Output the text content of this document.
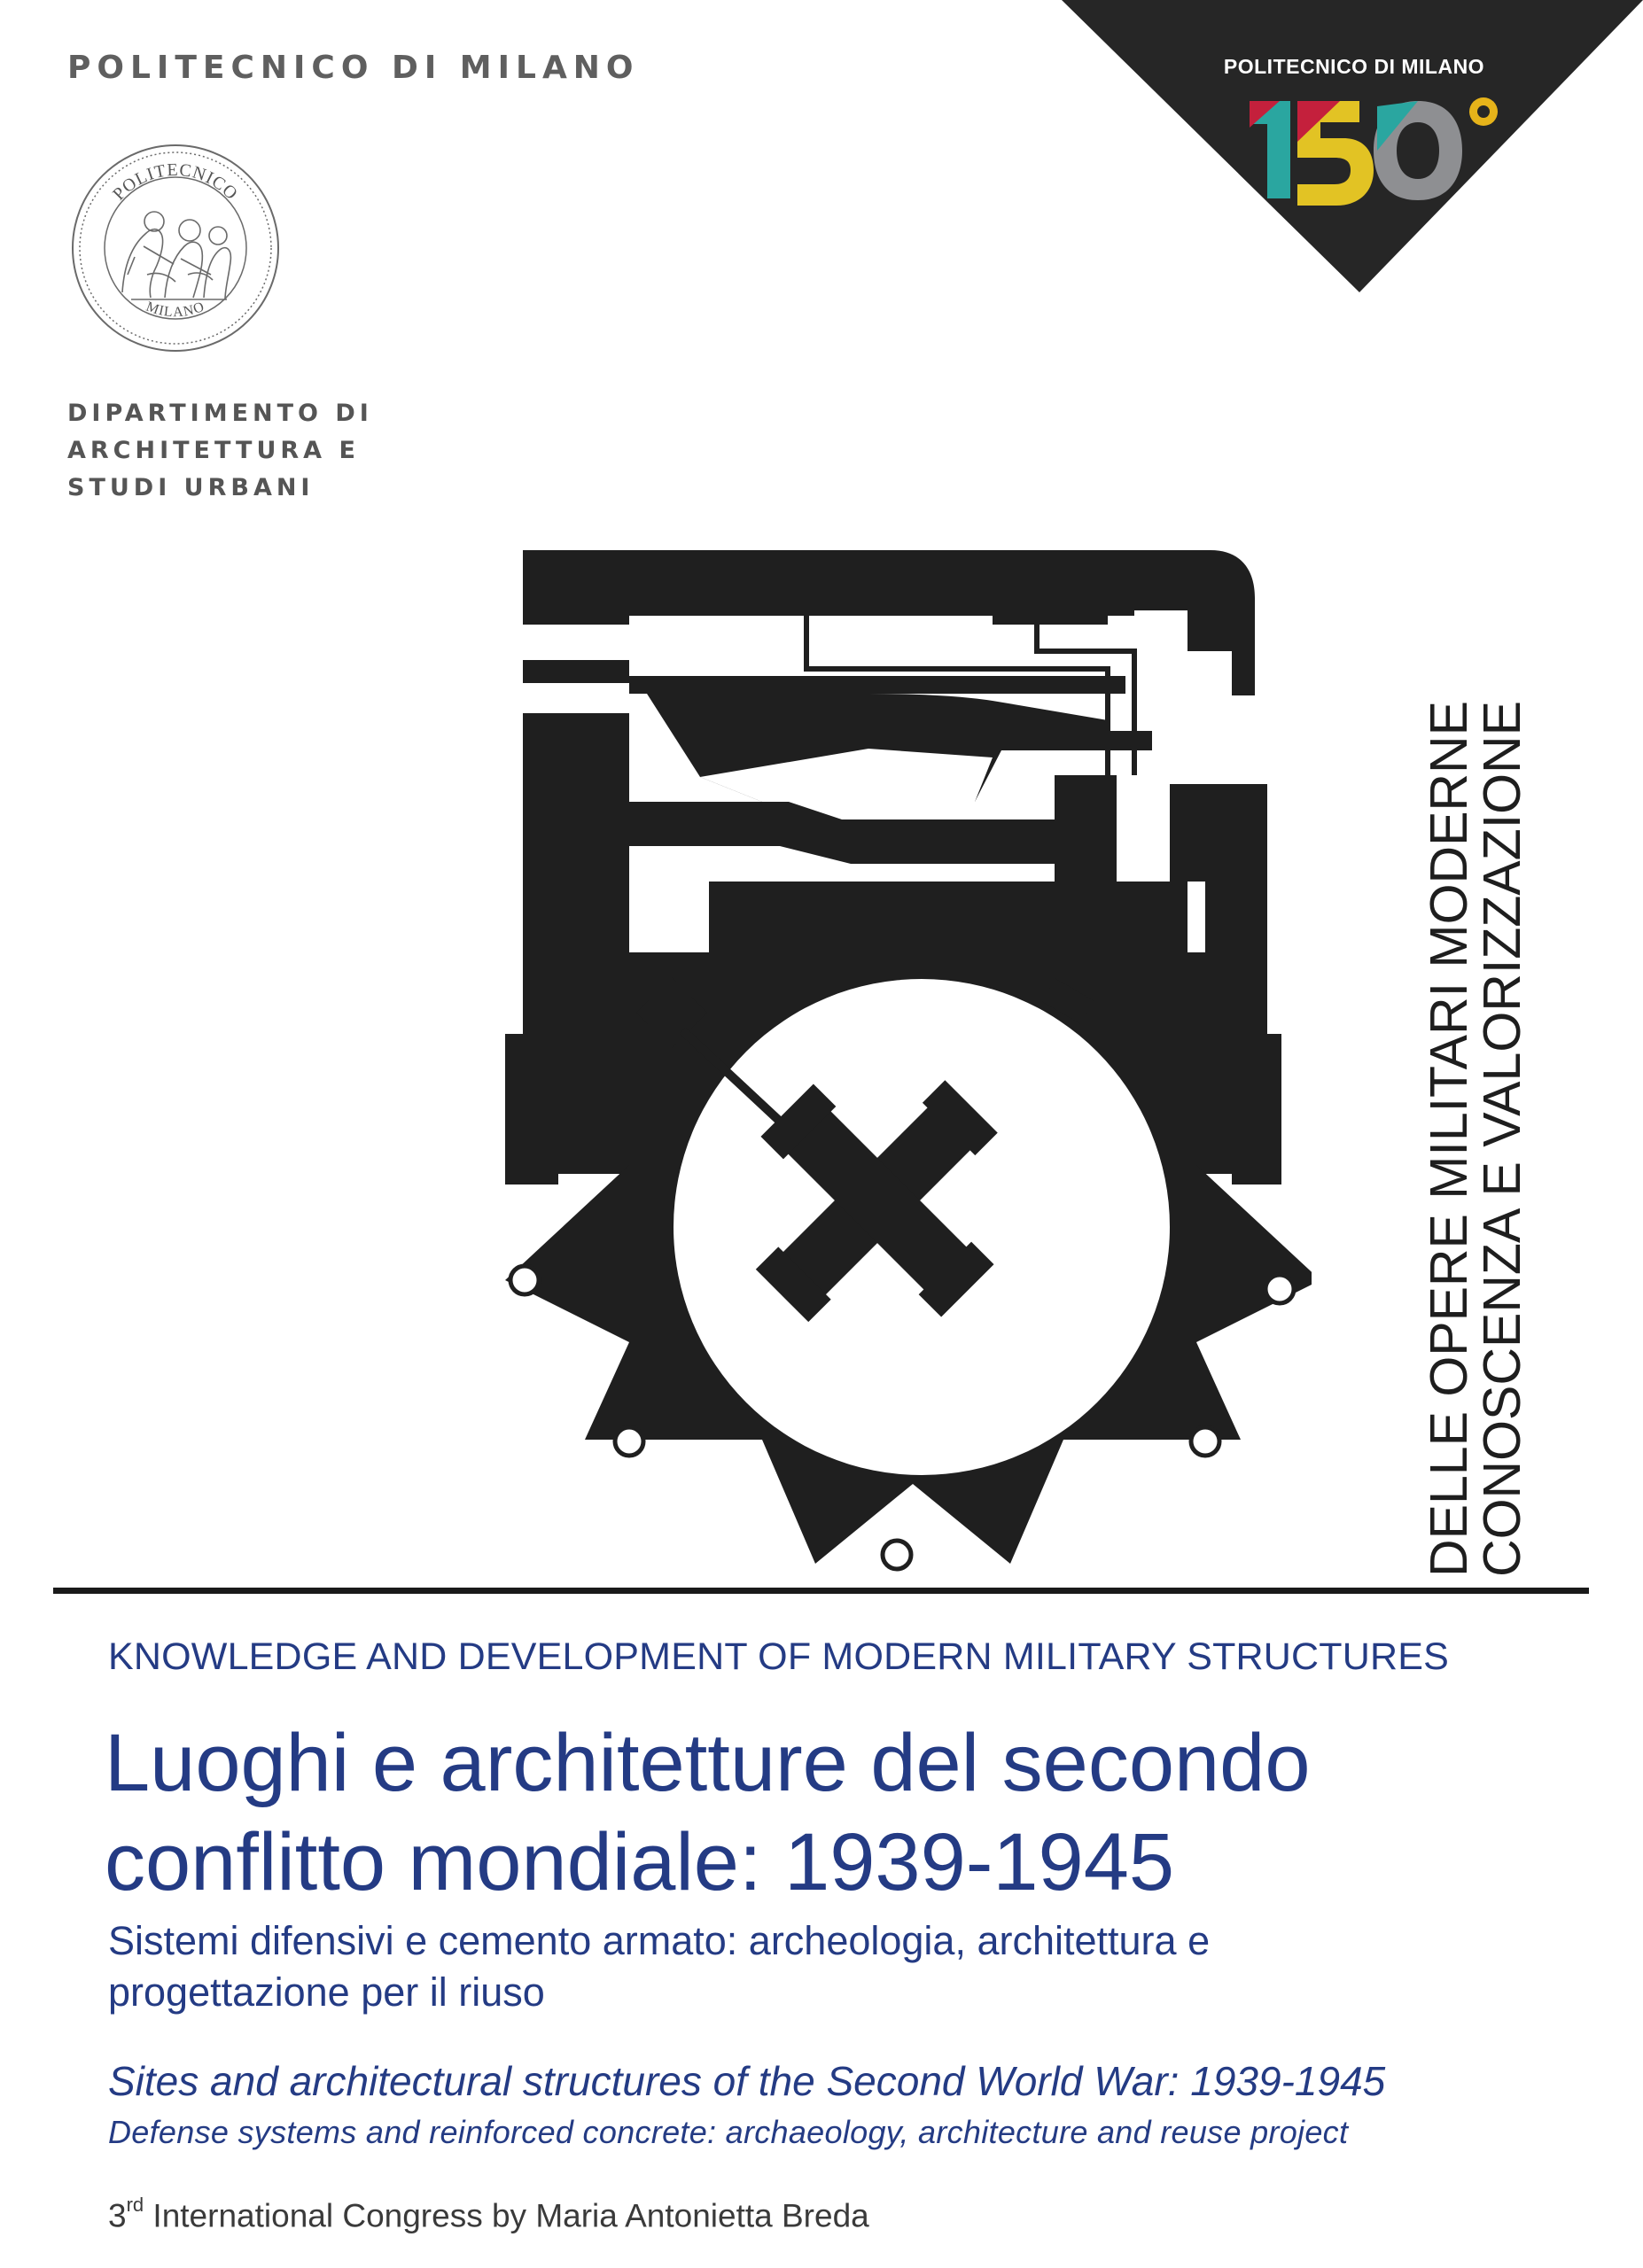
POLITECNICO DI MILANO
POLITECNICO
MILANO
DIPARTIMENTO DI
ARCHITETTURA E
STUDI URBANI
POLITECNICO DI MILANO
DELLE OPERE MILITARI MODERNE
CONOSCENZA E VALORIZZAZIONE
KNOWLEDGE AND DEVELOPMENT OF MODERN MILITARY STRUCTURES
Luoghi e architetture del secondo
conflitto mondiale: 1939-1945
Sistemi difensivi e cemento armato: archeologia, architettura e
progettazione per il riuso
Sites and architectural structures of the Second World War: 1939-1945
Defense systems and reinforced concrete: archaeology, architecture and reuse project
3rd International Congress by Maria Antonietta Breda
